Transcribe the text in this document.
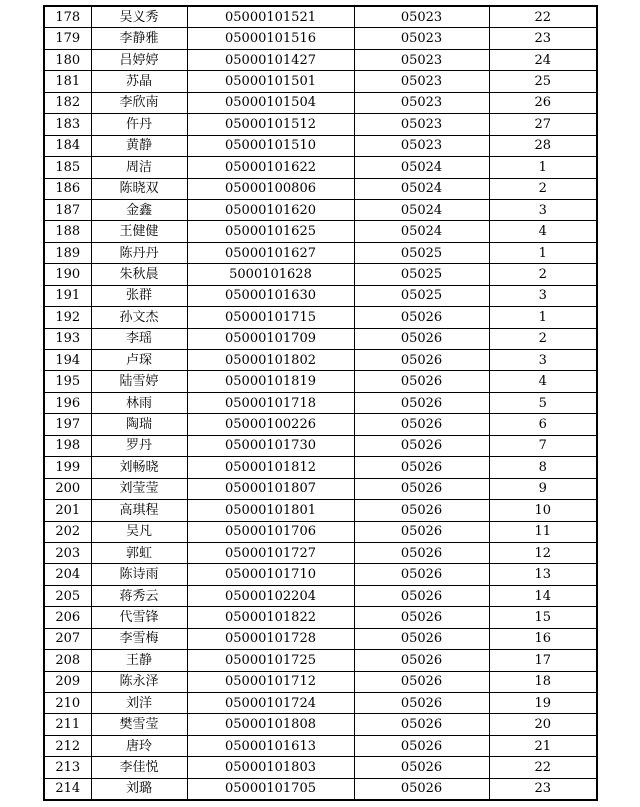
178	吴义秀	05000101521	05023	22
179	李静雅	05000101516	05023	23
180	吕婷婷	05000101427	05023	24
181	苏晶	05000101501	05023	25
182	李欣南	05000101504	05023	26
183	仵丹	05000101512	05023	27
184	黄静	05000101510	05023	28
185	周洁	05000101622	05024	1
186	陈晓双	05000100806	05024	2
187	金鑫	05000101620	05024	3
188	王健健	05000101625	05024	4
189	陈丹丹	05000101627	05025	1
190	朱秋晨	5000101628	05025	2
191	张群	05000101630	05025	3
192	孙文杰	05000101715	05026	1
193	李瑶	05000101709	05026	2
194	卢琛	05000101802	05026	3
195	陆雪婷	05000101819	05026	4
196	林雨	05000101718	05026	5
197	陶瑞	05000100226	05026	6
198	罗丹	05000101730	05026	7
199	刘畅晓	05000101812	05026	8
200	刘莹莹	05000101807	05026	9
201	高琪程	05000101801	05026	10
202	吴凡	05000101706	05026	11
203	郭虹	05000101727	05026	12
204	陈诗雨	05000101710	05026	13
205	蒋秀云	05000102204	05026	14
206	代雪锋	05000101822	05026	15
207	李雪梅	05000101728	05026	16
208	王静	05000101725	05026	17
209	陈永泽	05000101712	05026	18
210	刘洋	05000101724	05026	19
211	樊雪莹	05000101808	05026	20
212	唐玲	05000101613	05026	21
213	李佳悦	05000101803	05026	22
214	刘璐	05000101705	05026	23
